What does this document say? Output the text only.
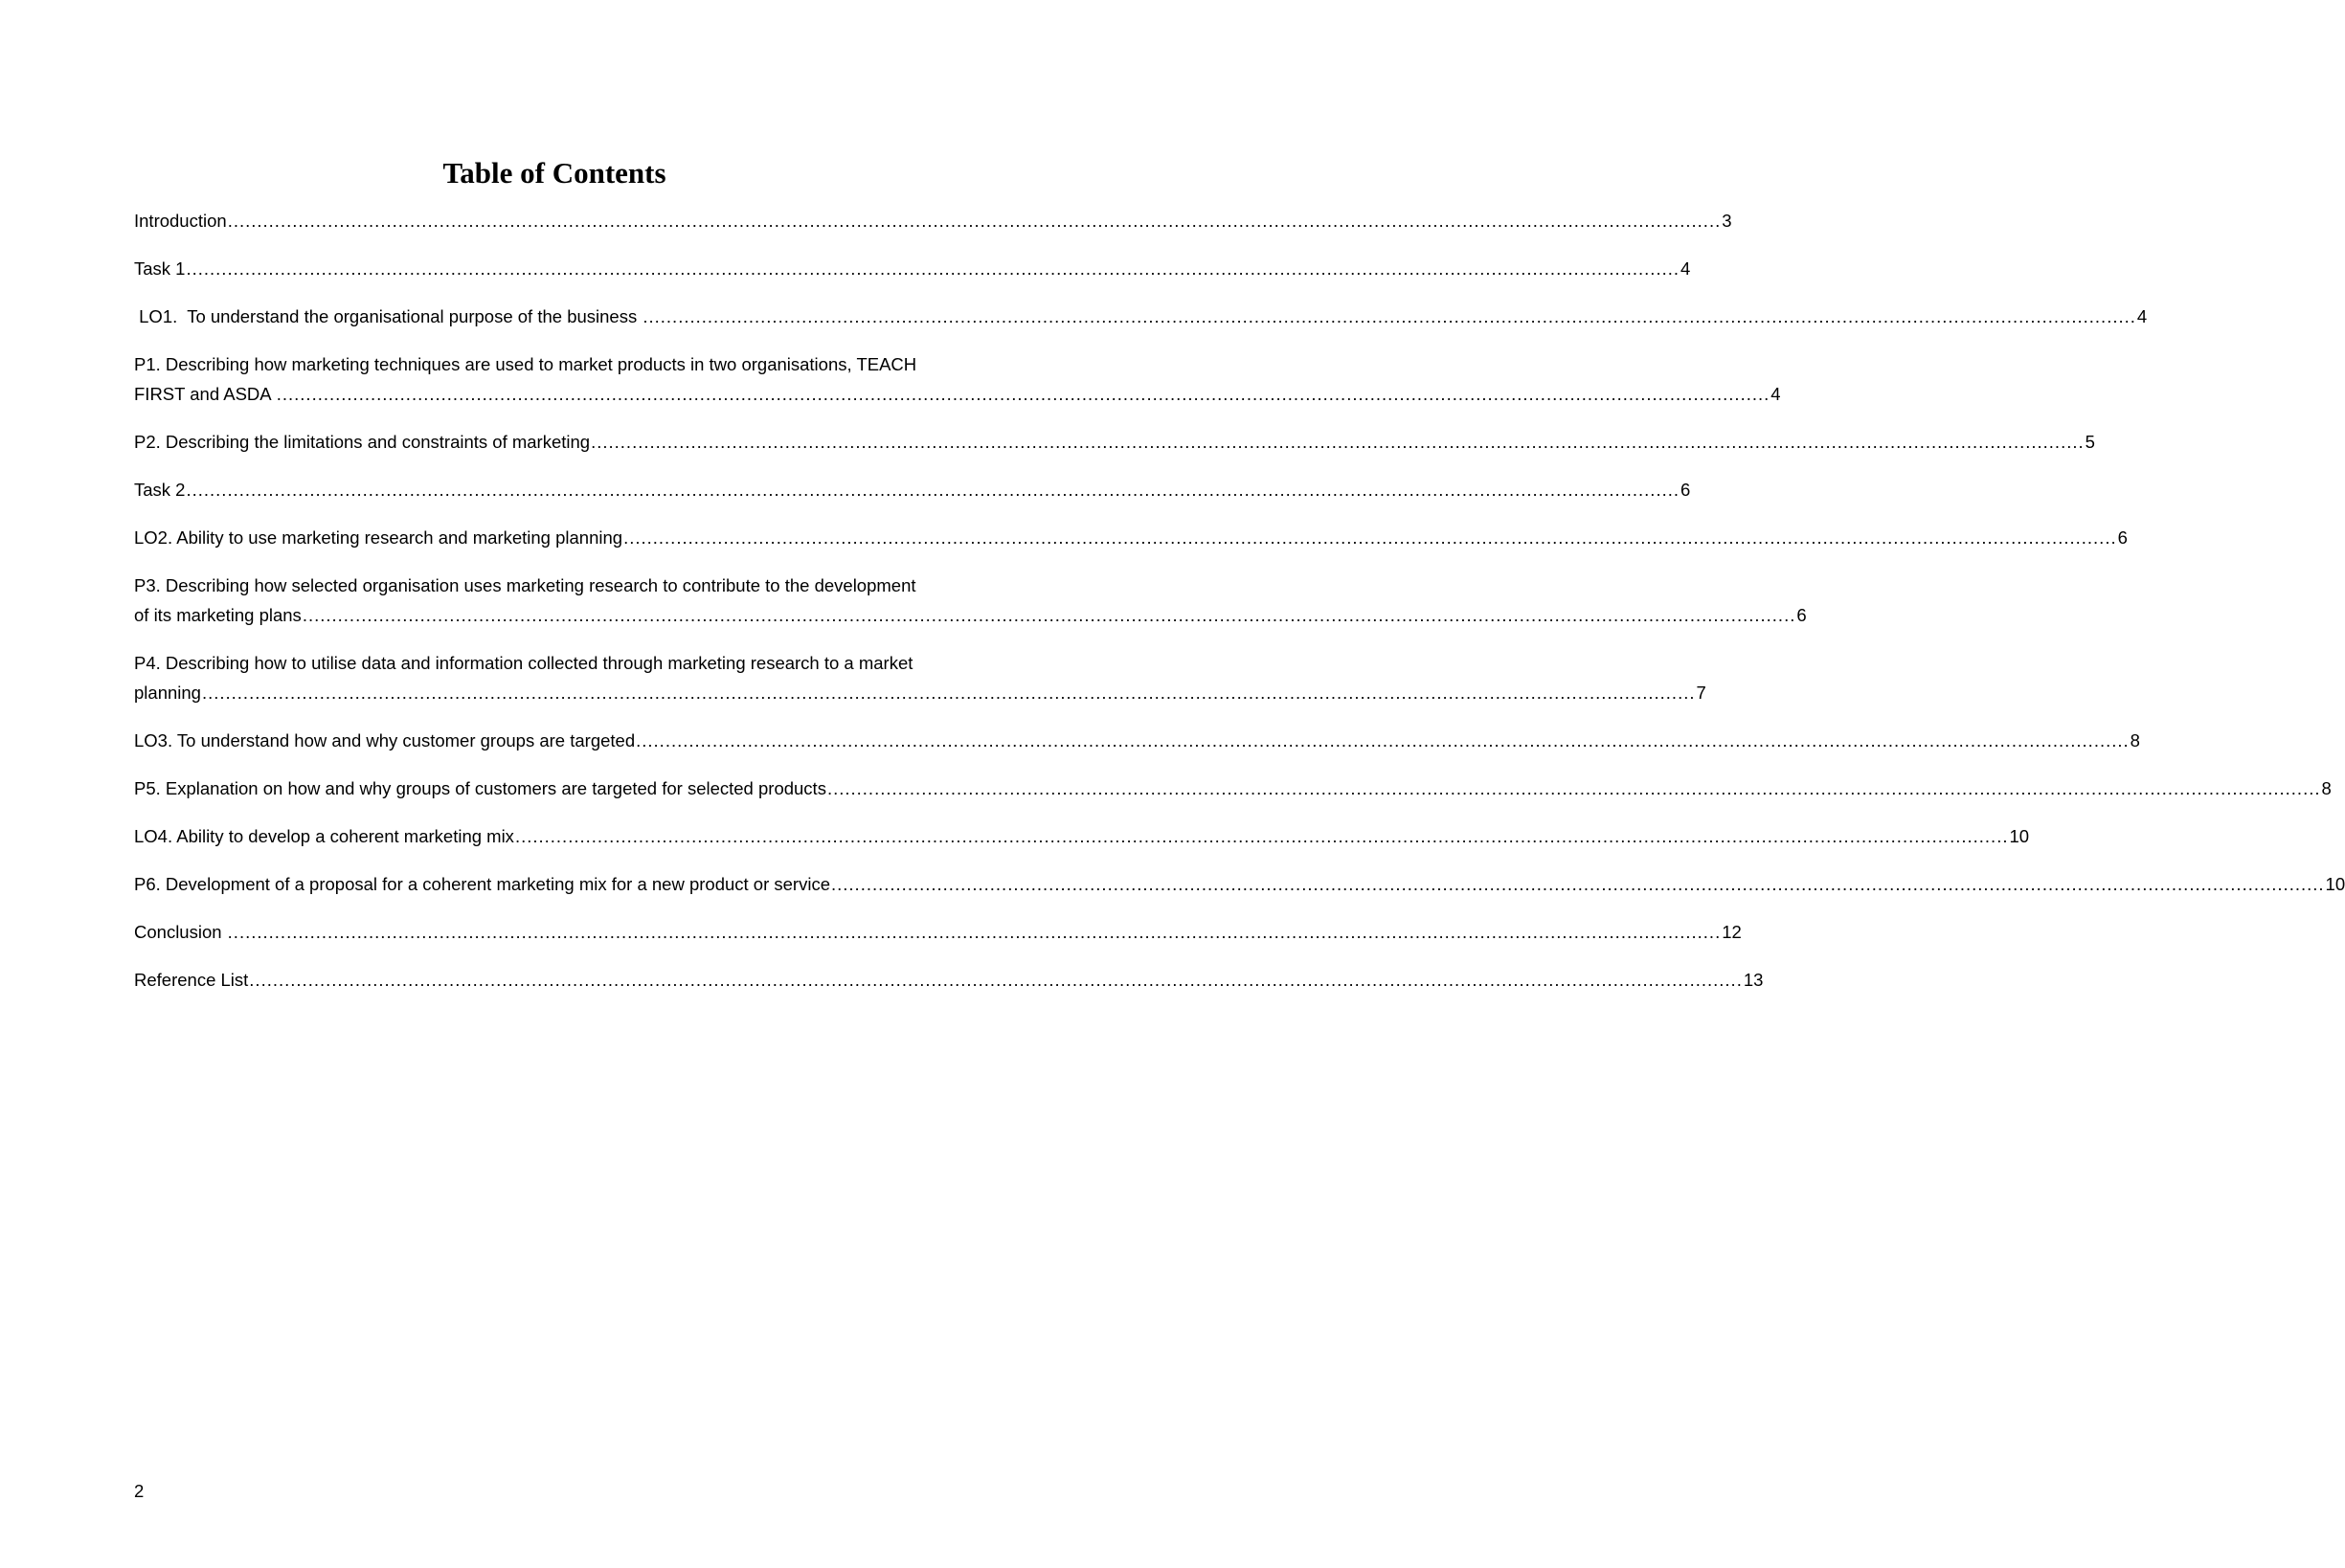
Table of Contents
Introduction .....	3
Task 1 .....	4
LO1.  To understand the organisational purpose of the business .....	4
P1. Describing how marketing techniques are used to market products in two organisations, TEACH
FIRST and ASDA .....	4
P2. Describing the limitations and constraints of marketing .....	5
Task 2 .....	6
LO2. Ability to use marketing research and marketing planning .....	6
P3. Describing how selected organisation uses marketing research to contribute to the development
of its marketing plans .....	6
P4. Describing how to utilise data and information collected through marketing research to a market
planning .....	7
LO3. To understand how and why customer groups are targeted .....	8
P5. Explanation on how and why groups of customers are targeted for selected products .....	8
LO4. Ability to develop a coherent marketing mix .....	10
P6. Development of a proposal for a coherent marketing mix for a new product or service .....	10
Conclusion .....	12
Reference List .....	13
2
